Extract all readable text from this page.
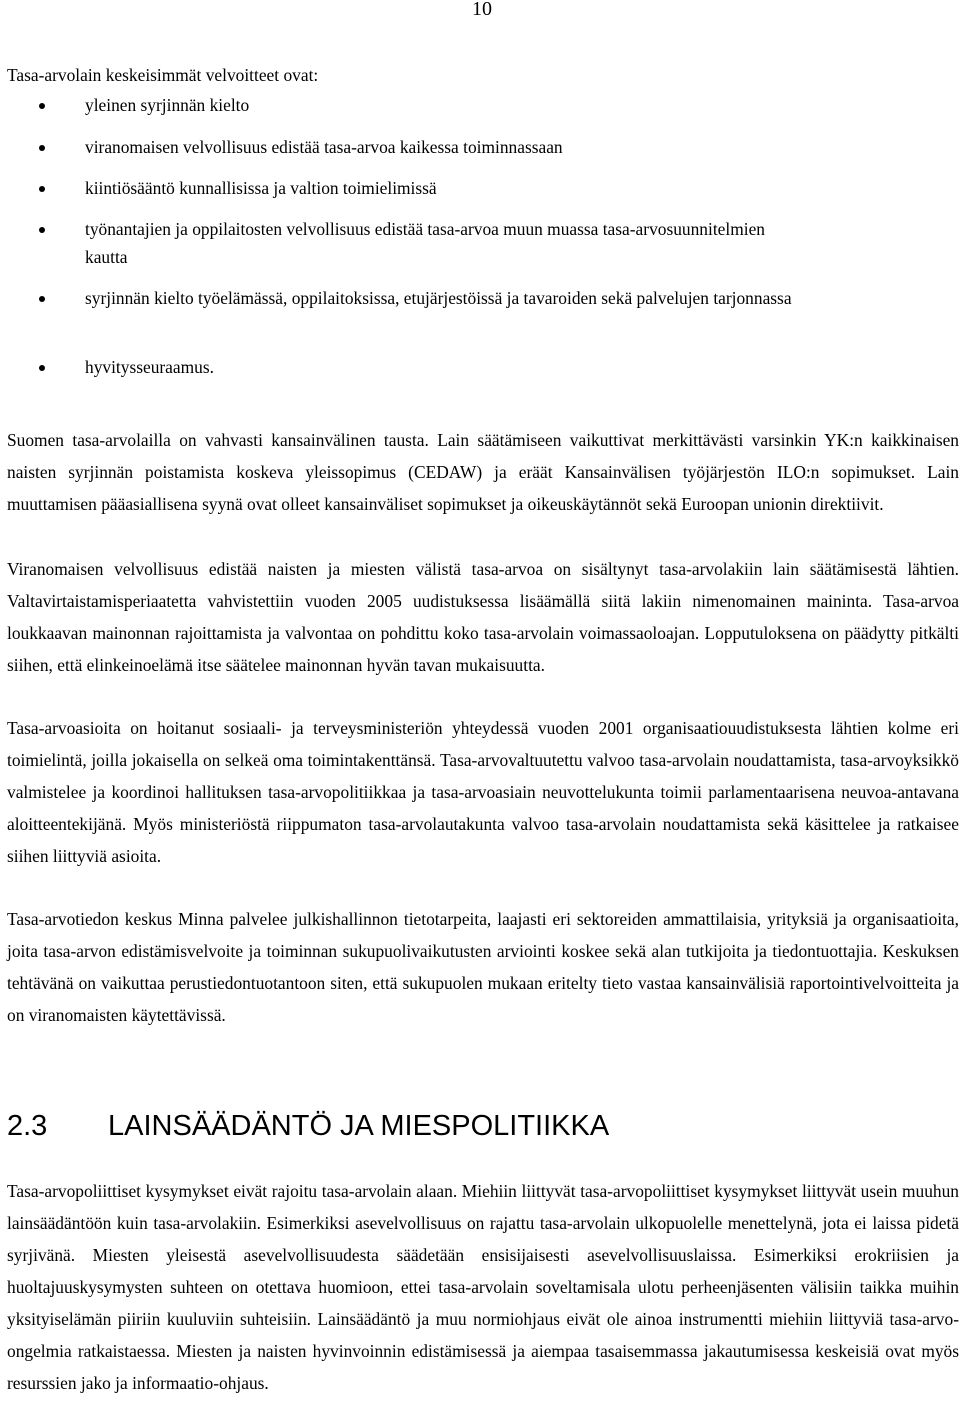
10

Tasa-arvolain keskeisimmät velvoitteet ovat:

yleinen syrjinnän kielto

viranomaisen velvollisuus edistää tasa-arvoa kaikessa toiminnassaan

kiintiösääntö kunnallisissa ja valtion toimielimissä

työnantajien ja oppilaitosten velvollisuus edistää tasa-arvoa muun muassa tasa-arvosuunnitelmien kautta

syrjinnän kielto työelämässä, oppilaitoksissa, etujärjestöissä ja tavaroiden sekä palvelujen tarjonnassa

hyvitysseuraamus.

Suomen tasa-arvolailla on vahvasti kansainvälinen tausta. Lain säätämiseen vaikuttivat merkittävästi varsinkin YK:n kaikkinaisen naisten syrjinnän poistamista koskeva yleissopimus (CEDAW) ja eräät Kansainvälisen työjärjestön ILO:n sopimukset. Lain muuttamisen pääasiallisena syynä ovat olleet kansainväliset sopimukset ja oikeuskäytännöt sekä Euroopan unionin direktiivit.

Viranomaisen velvollisuus edistää naisten ja miesten välistä tasa-arvoa on sisältynyt tasa-arvolakiin lain säätämisestä lähtien. Valtavirtaistamisperiaatetta vahvistettiin vuoden 2005 uudistuksessa lisäämällä siitä lakiin nimenomainen maininta. Tasa-arvoa loukkaavan mainonnan rajoittamista ja valvontaa on pohdittu koko tasa-arvolain voimassaoloajan. Lopputuloksena on päädytty pitkälti siihen, että elinkeinoelämä itse säätelee mainonnan hyvän tavan mukaisuutta.

Tasa-arvoasioita on hoitanut sosiaali- ja terveysministeriön yhteydessä vuoden 2001 organisaatiouudistuksesta lähtien kolme eri toimielintä, joilla jokaisella on selkeä oma toimintakenttänsä. Tasa-arvovaltuutettu valvoo tasa-arvolain noudattamista, tasa-arvoyksikkö valmistelee ja koordinoi hallituksen tasa-arvopolitiikkaa ja tasa-arvoasiain neuvottelukunta toimii parlamentaarisena neuvoa-antavana aloitteentekijänä. Myös ministeriöstä riippumaton tasa-arvolautakunta valvoo tasa-arvolain noudattamista sekä käsittelee ja ratkaisee siihen liittyviä asioita.

Tasa-arvotiedon keskus Minna palvelee julkishallinnon tietotarpeita, laajasti eri sektoreiden ammattilaisia, yrityksiä ja organisaatioita, joita tasa-arvon edistämisvelvoite ja toiminnan sukupuolivaikutusten arviointi koskee sekä alan tutkijoita ja tiedontuottajia. Keskuksen tehtävänä on vaikuttaa perustiedontuotantoon siten, että sukupuolen mukaan eritelty tieto vastaa kansainvälisiä raportointivelvoitteita ja on viranomaisten käytettävissä.

2.3 LAINSÄÄDÄNTÖ JA MIESPOLITIIKKA

Tasa-arvopoliittiset kysymykset eivät rajoitu tasa-arvolain alaan. Miehiin liittyvät tasa-arvopoliittiset kysymykset liittyvät usein muuhun lainsäädäntöön kuin tasa-arvolakiin. Esimerkiksi asevelvollisuus on rajattu tasa-arvolain ulkopuolelle menettelynä, jota ei laissa pidetä syrjivänä. Miesten yleisestä asevelvollisuudesta säädetään ensisijaisesti asevelvollisuuslaissa. Esimerkiksi erokriisien ja huoltajuuskysymysten suhteen on otettava huomioon, ettei tasa-arvolain soveltamisala ulotu perheenjäsenten välisiin taikka muihin yksityiselämän piiriin kuuluviin suhteisiin. Lainsäädäntö ja muu normiohjaus eivät ole ainoa instrumentti miehiin liittyviä tasa-arvo-ongelmia ratkaistaessa. Miesten ja naisten hyvinvoinnin edistämisessä ja aiempaa tasaisemmassa jakautumisessa keskeisiä ovat myös resurssien jako ja informaatio-ohjaus.
